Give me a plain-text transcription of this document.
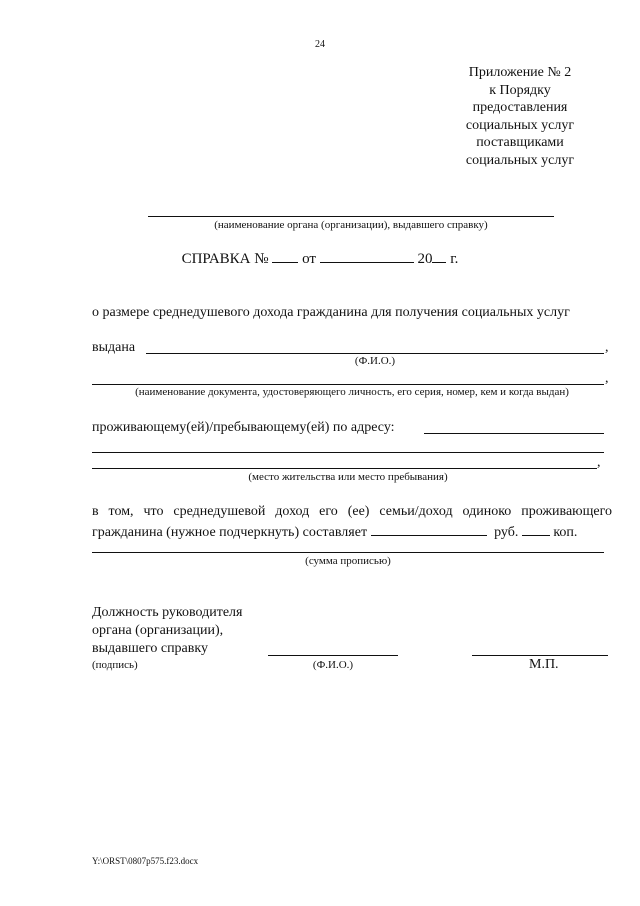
24
Приложение № 2
к Порядку
предоставления
социальных услуг
поставщиками
социальных услуг
(наименование органа (организации), выдавшего справку)
СПРАВКА № от	20 г.
о размере среднедушевого дохода гражданина для получения социальных услуг
выдана	,
(Ф.И.О.)
,
(наименование документа, удостоверяющего личность, его серия, номер, кем и когда выдан)
проживающему(ей)/пребывающему(ей) по адресу:
,
(место жительства или место пребывания)
в том, что среднедушевой доход его (ее) семьи/доход одиноко проживающего
гражданина (нужное подчеркнуть) составляет	руб.	коп.
(сумма прописью)
Должность руководителя
органа (организации),
выдавшего справку
(подпись)	(Ф.И.О.)	М.П.
Y:\ORST\0807p575.f23.docx
